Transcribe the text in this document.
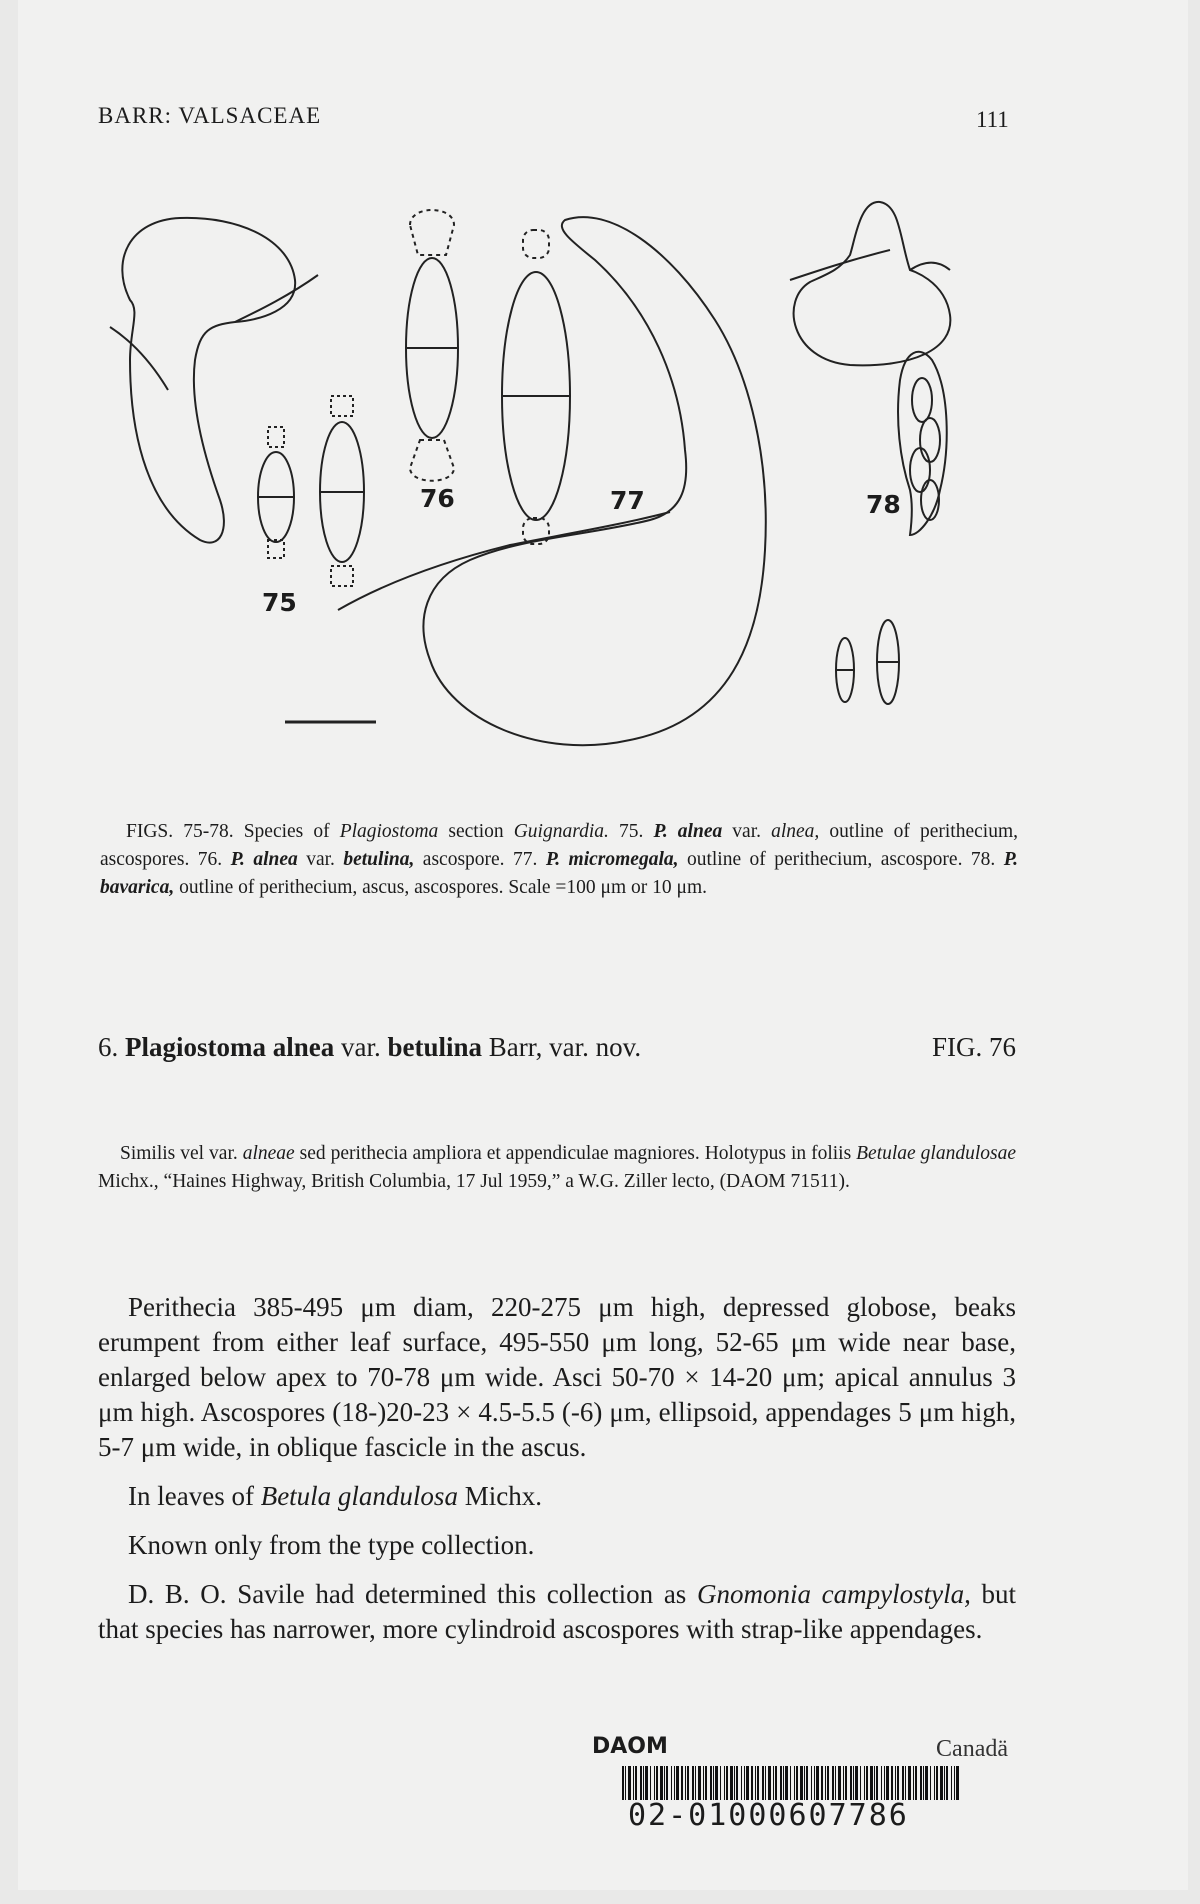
BARR: VALSACEAE	111
75
76	77	78
FIGS. 75-78. Species of Plagiostoma section Guignardia. 75. P. alnea var. alnea, outline of perithecium, ascospores. 76. P. alnea var. betulina, ascospore. 77. P. micromegala, outline of perithecium, ascospore. 78. P. bavarica, outline of perithecium, ascus, ascospores. Scale =100 μm or 10 μm.
6. Plagiostoma alnea var. betulina Barr, var. nov.	FIG. 76

Similis vel var. alneae sed perithecia ampliora et appendiculae magniores. Holotypus in foliis Betulae glandulosae Michx., “Haines Highway, British Columbia, 17 Jul 1959,” a W.G. Ziller lecto, (DAOM 71511).

Perithecia 385-495 μm diam, 220-275 μm high, depressed globose, beaks erumpent from either leaf surface, 495-550 μm long, 52-65 μm wide near base, enlarged below apex to 70-78 μm wide. Asci 50-70 × 14-20 μm; apical annulus 3 μm high. Ascospores (18-)20-23 × 4.5-5.5 (-6) μm, ellipsoid, appendages 5 μm high, 5-7 μm wide, in oblique fascicle in the ascus.

In leaves of Betula glandulosa Michx.

Known only from the type collection.

D. B. O. Savile had determined this collection as Gnomonia campylostyla, but that species has narrower, more cylindroid ascospores with strap-like appendages.

DAOM	Canadä
02-01000607786
